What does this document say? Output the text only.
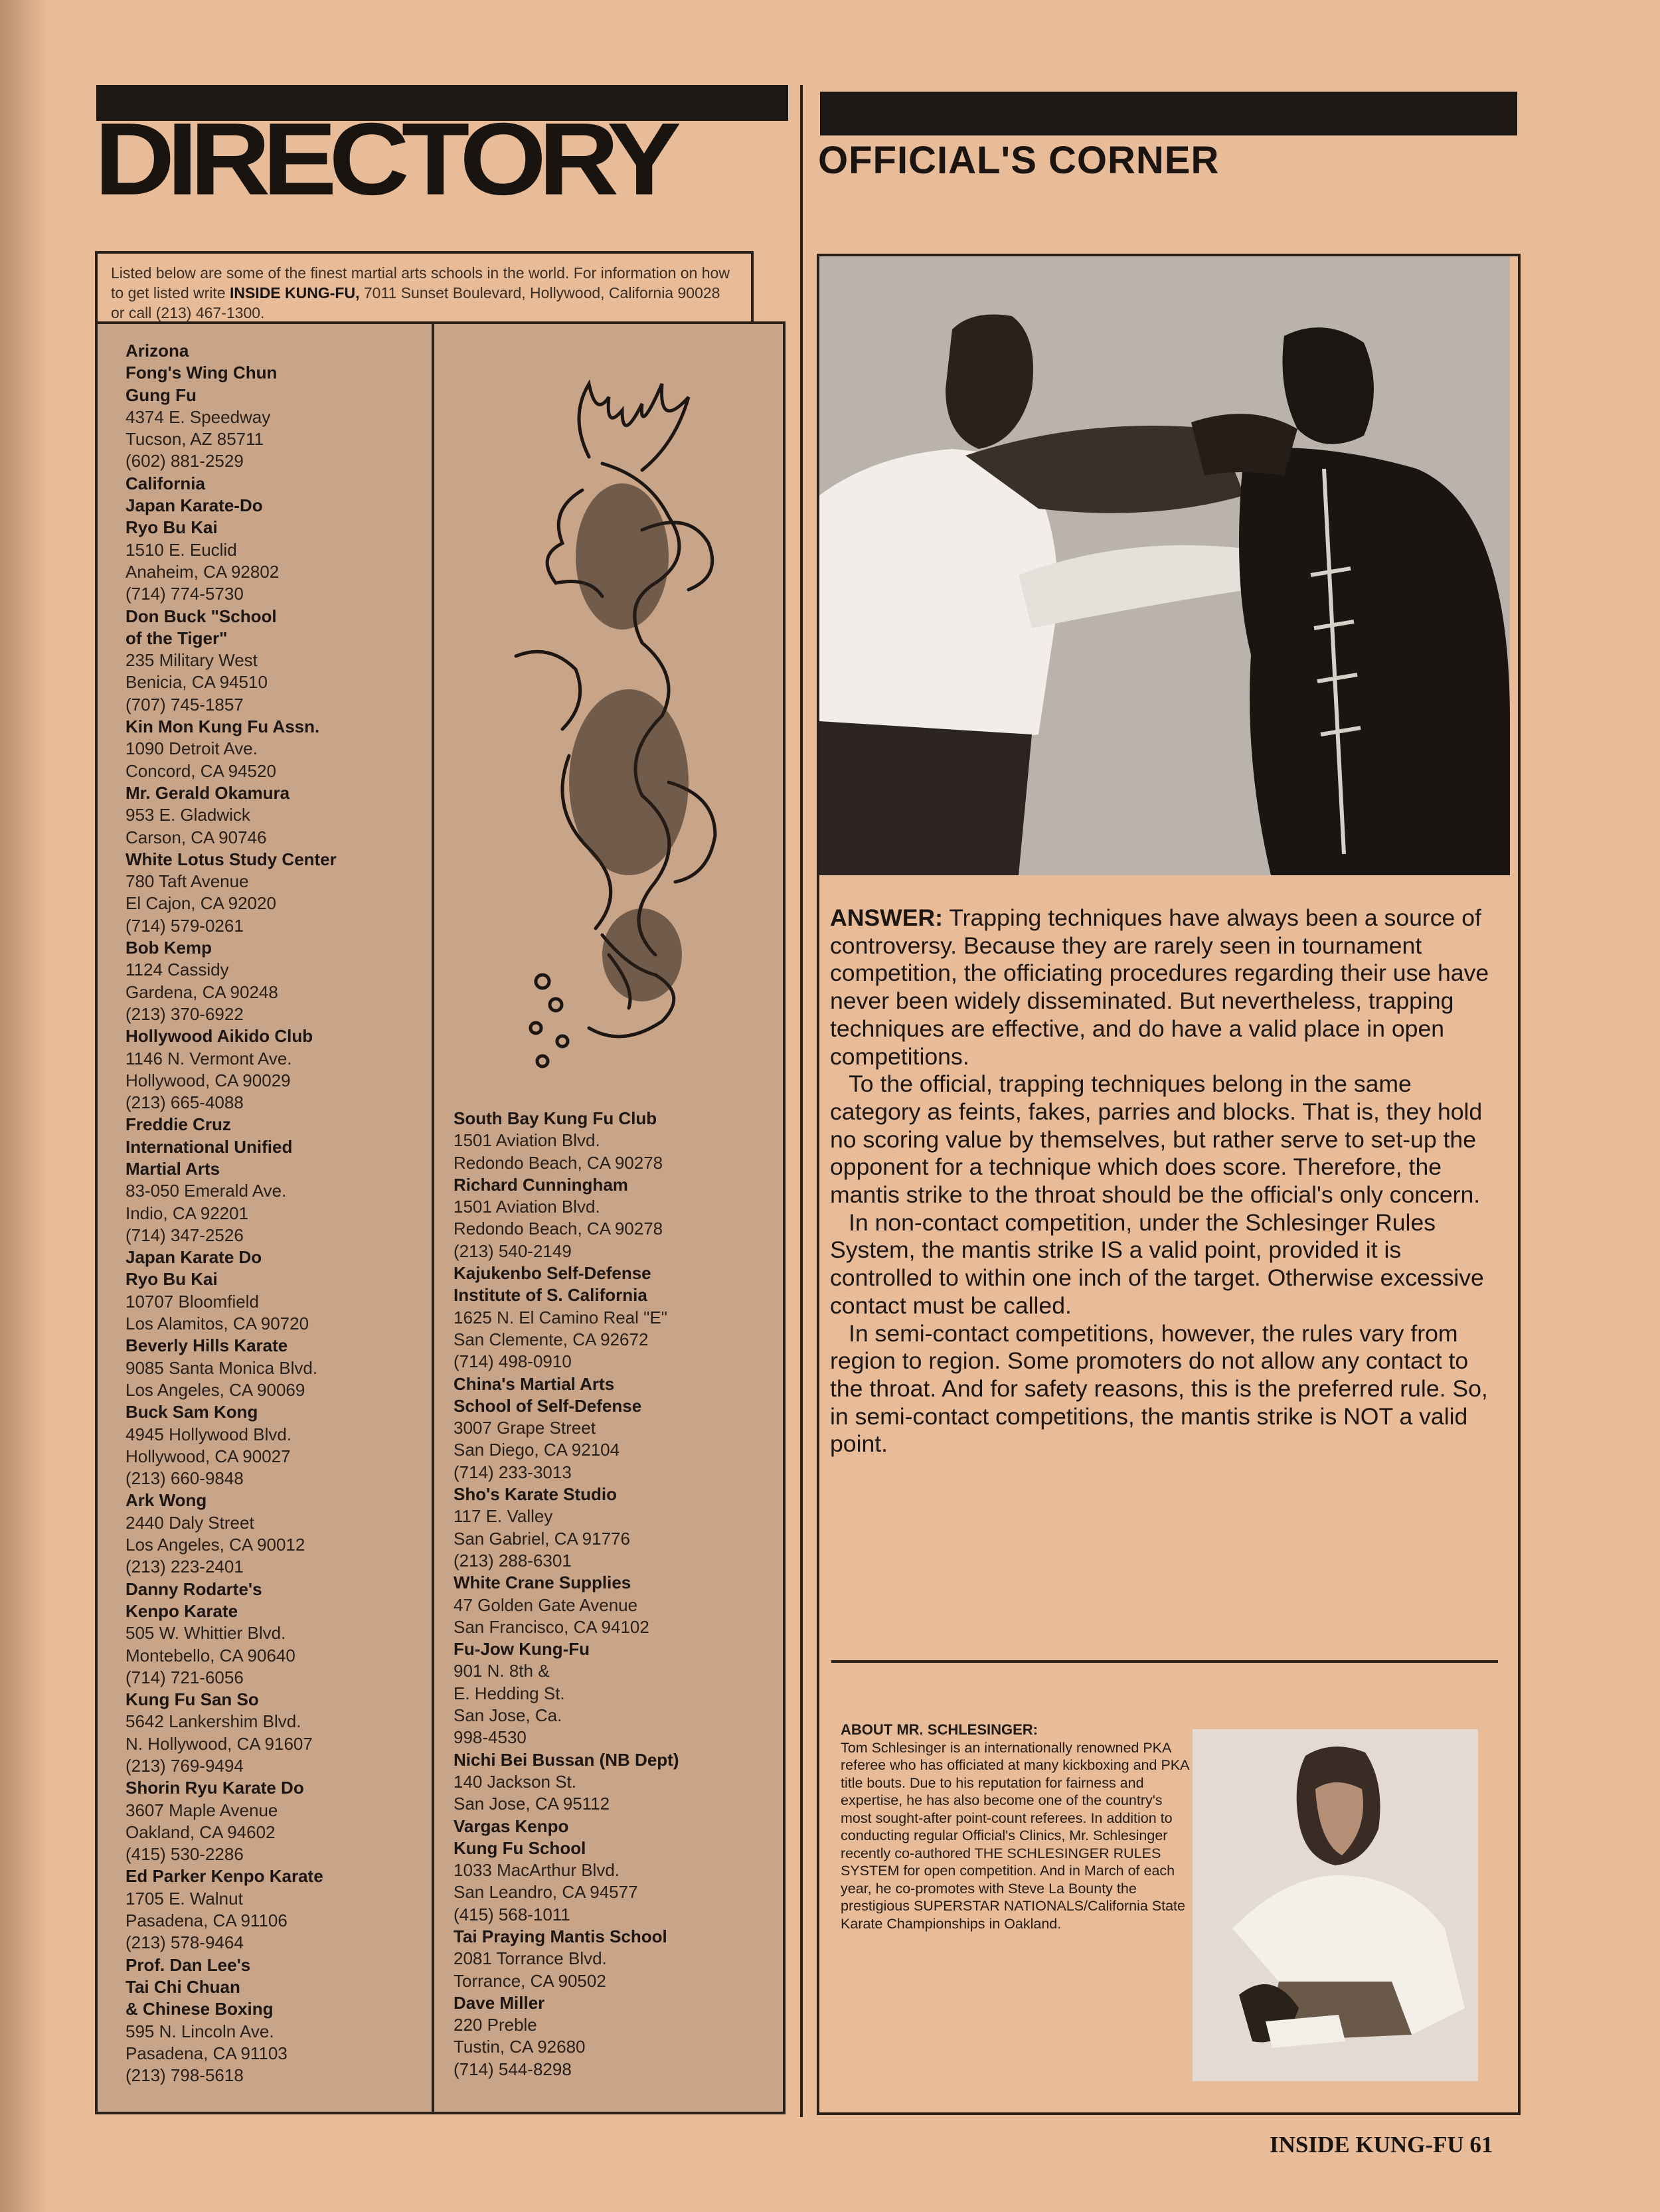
DIRECTORY
Listed below are some of the finest martial arts schools in the world. For information on how to get listed write INSIDE KUNG-FU, 7011 Sunset Boulevard, Hollywood, California 90028 or call (213) 467-1300.
Arizona
Fong's Wing Chun
Gung Fu
4374 E. Speedway
Tucson, AZ 85711
(602) 881-2529
California
Japan Karate-Do
Ryo Bu Kai
1510 E. Euclid
Anaheim, CA 92802
(714) 774-5730
Don Buck "School
of the Tiger"
235 Military West
Benicia, CA 94510
(707) 745-1857
Kin Mon Kung Fu Assn.
1090 Detroit Ave.
Concord, CA 94520
Mr. Gerald Okamura
953 E. Gladwick
Carson, CA 90746
White Lotus Study Center
780 Taft Avenue
El Cajon, CA 92020
(714) 579-0261
Bob Kemp
1124 Cassidy
Gardena, CA 90248
(213) 370-6922
Hollywood Aikido Club
1146 N. Vermont Ave.
Hollywood, CA 90029
(213) 665-4088
Freddie Cruz
International Unified
Martial Arts
83-050 Emerald Ave.
Indio, CA 92201
(714) 347-2526
Japan Karate Do
Ryo Bu Kai
10707 Bloomfield
Los Alamitos, CA 90720
Beverly Hills Karate
9085 Santa Monica Blvd.
Los Angeles, CA 90069
Buck Sam Kong
4945 Hollywood Blvd.
Hollywood, CA 90027
(213) 660-9848
Ark Wong
2440 Daly Street
Los Angeles, CA 90012
(213) 223-2401
Danny Rodarte's
Kenpo Karate
505 W. Whittier Blvd.
Montebello, CA 90640
(714) 721-6056
Kung Fu San So
5642 Lankershim Blvd.
N. Hollywood, CA 91607
(213) 769-9494
Shorin Ryu Karate Do
3607 Maple Avenue
Oakland, CA 94602
(415) 530-2286
Ed Parker Kenpo Karate
1705 E. Walnut
Pasadena, CA 91106
(213) 578-9464
Prof. Dan Lee's
Tai Chi Chuan
& Chinese Boxing
595 N. Lincoln Ave.
Pasadena, CA 91103
(213) 798-5618
South Bay Kung Fu Club
1501 Aviation Blvd.
Redondo Beach, CA 90278
Richard Cunningham
1501 Aviation Blvd.
Redondo Beach, CA 90278
(213) 540-2149
Kajukenbo Self-Defense
Institute of S. California
1625 N. El Camino Real "E"
San Clemente, CA 92672
(714) 498-0910
China's Martial Arts
School of Self-Defense
3007 Grape Street
San Diego, CA 92104
(714) 233-3013
Sho's Karate Studio
117 E. Valley
San Gabriel, CA 91776
(213) 288-6301
White Crane Supplies
47 Golden Gate Avenue
San Francisco, CA 94102
Fu-Jow Kung-Fu
901 N. 8th &
E. Hedding St.
San Jose, Ca.
998-4530
Nichi Bei Bussan (NB Dept)
140 Jackson St.
San Jose, CA 95112
Vargas Kenpo
Kung Fu School
1033 MacArthur Blvd.
San Leandro, CA 94577
(415) 568-1011
Tai Praying Mantis School
2081 Torrance Blvd.
Torrance, CA 90502
Dave Miller
220 Preble
Tustin, CA 92680
(714) 544-8298
OFFICIAL'S CORNER

ANSWER: Trapping techniques have always been a source of controversy. Because they are rarely seen in tournament competition, the officiating procedures regarding their use have never been widely disseminated. But nevertheless, trapping techniques are effective, and do have a valid place in open competitions.

To the official, trapping techniques belong in the same category as feints, fakes, parries and blocks. That is, they hold no scoring value by themselves, but rather serve to set-up the opponent for a technique which does score. Therefore, the mantis strike to the throat should be the official's only concern.

In non-contact competition, under the Schlesinger Rules System, the mantis strike IS a valid point, provided it is controlled to within one inch of the target. Otherwise excessive contact must be called.

In semi-contact competitions, however, the rules vary from region to region. Some promoters do not allow any contact to the throat. And for safety reasons, this is the preferred rule. So, in semi-contact competitions, the mantis strike is NOT a valid point.

ABOUT MR. SCHLESINGER:
Tom Schlesinger is an internationally renowned PKA referee who has officiated at many kickboxing and PKA title bouts. Due to his reputation for fairness and expertise, he has also become one of the country's most sought-after point-count referees. In addition to conducting regular Official's Clinics, Mr. Schlesinger recently co-authored THE SCHLESINGER RULES SYSTEM for open competition. And in March of each year, he co-promotes with Steve La Bounty the prestigious SUPERSTAR NATIONALS/California State Karate Championships in Oakland.
INSIDE KUNG-FU 61
